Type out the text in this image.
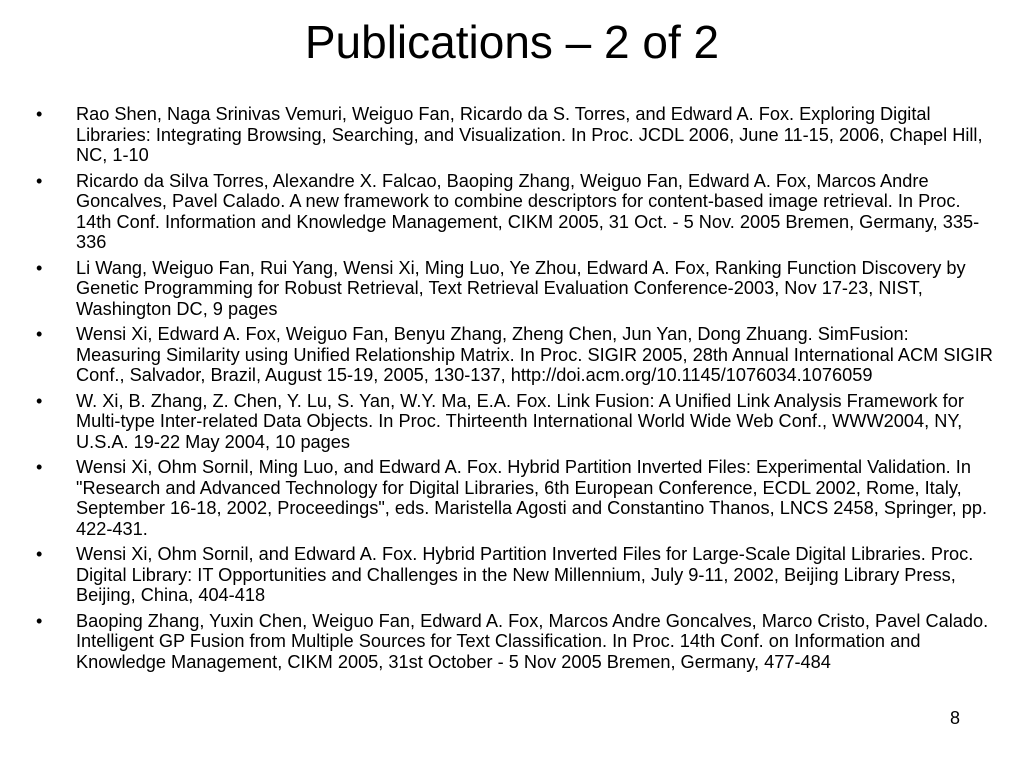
Publications – 2 of 2
•	Rao Shen, Naga Srinivas Vemuri, Weiguo Fan, Ricardo da S. Torres, and Edward A. Fox. Exploring Digital Libraries: Integrating Browsing, Searching, and Visualization. In Proc. JCDL 2006, June 11-15, 2006, Chapel Hill, NC, 1-10
•	Ricardo da Silva Torres, Alexandre X. Falcao, Baoping Zhang, Weiguo Fan, Edward A. Fox, Marcos Andre Goncalves, Pavel Calado. A new framework to combine descriptors for content-based image retrieval. In Proc. 14th Conf. Information and Knowledge Management, CIKM 2005, 31 Oct. - 5 Nov. 2005 Bremen, Germany, 335-336
•	Li Wang, Weiguo Fan, Rui Yang, Wensi Xi, Ming Luo, Ye Zhou, Edward A. Fox, Ranking Function Discovery by Genetic Programming for Robust Retrieval, Text Retrieval Evaluation Conference-2003, Nov 17-23, NIST, Washington DC, 9 pages
•	Wensi Xi, Edward A. Fox, Weiguo Fan, Benyu Zhang, Zheng Chen, Jun Yan, Dong Zhuang. SimFusion: Measuring Similarity using Unified Relationship Matrix. In Proc. SIGIR 2005, 28th Annual International ACM SIGIR Conf., Salvador, Brazil, August 15-19, 2005, 130-137, http://doi.acm.org/10.1145/1076034.1076059
•	W. Xi, B. Zhang, Z. Chen, Y. Lu, S. Yan, W.Y. Ma, E.A. Fox. Link Fusion: A Unified Link Analysis Framework for Multi-type Inter-related Data Objects. In Proc. Thirteenth International World Wide Web Conf., WWW2004, NY, U.S.A. 19-22 May 2004, 10 pages
•	Wensi Xi, Ohm Sornil, Ming Luo, and Edward A. Fox. Hybrid Partition Inverted Files: Experimental Validation. In "Research and Advanced Technology for Digital Libraries, 6th European Conference, ECDL 2002, Rome, Italy, September 16-18, 2002, Proceedings", eds. Maristella Agosti and Constantino Thanos, LNCS 2458, Springer, pp. 422-431.
•	Wensi Xi, Ohm Sornil, and Edward A. Fox. Hybrid Partition Inverted Files for Large-Scale Digital Libraries. Proc. Digital Library: IT Opportunities and Challenges in the New Millennium, July 9-11, 2002, Beijing Library Press, Beijing, China, 404-418
•	Baoping Zhang, Yuxin Chen, Weiguo Fan, Edward A. Fox, Marcos Andre Goncalves, Marco Cristo, Pavel Calado. Intelligent GP Fusion from Multiple Sources for Text Classification. In Proc. 14th Conf. on Information and Knowledge Management, CIKM 2005, 31st October - 5 Nov 2005 Bremen, Germany, 477-484
8
